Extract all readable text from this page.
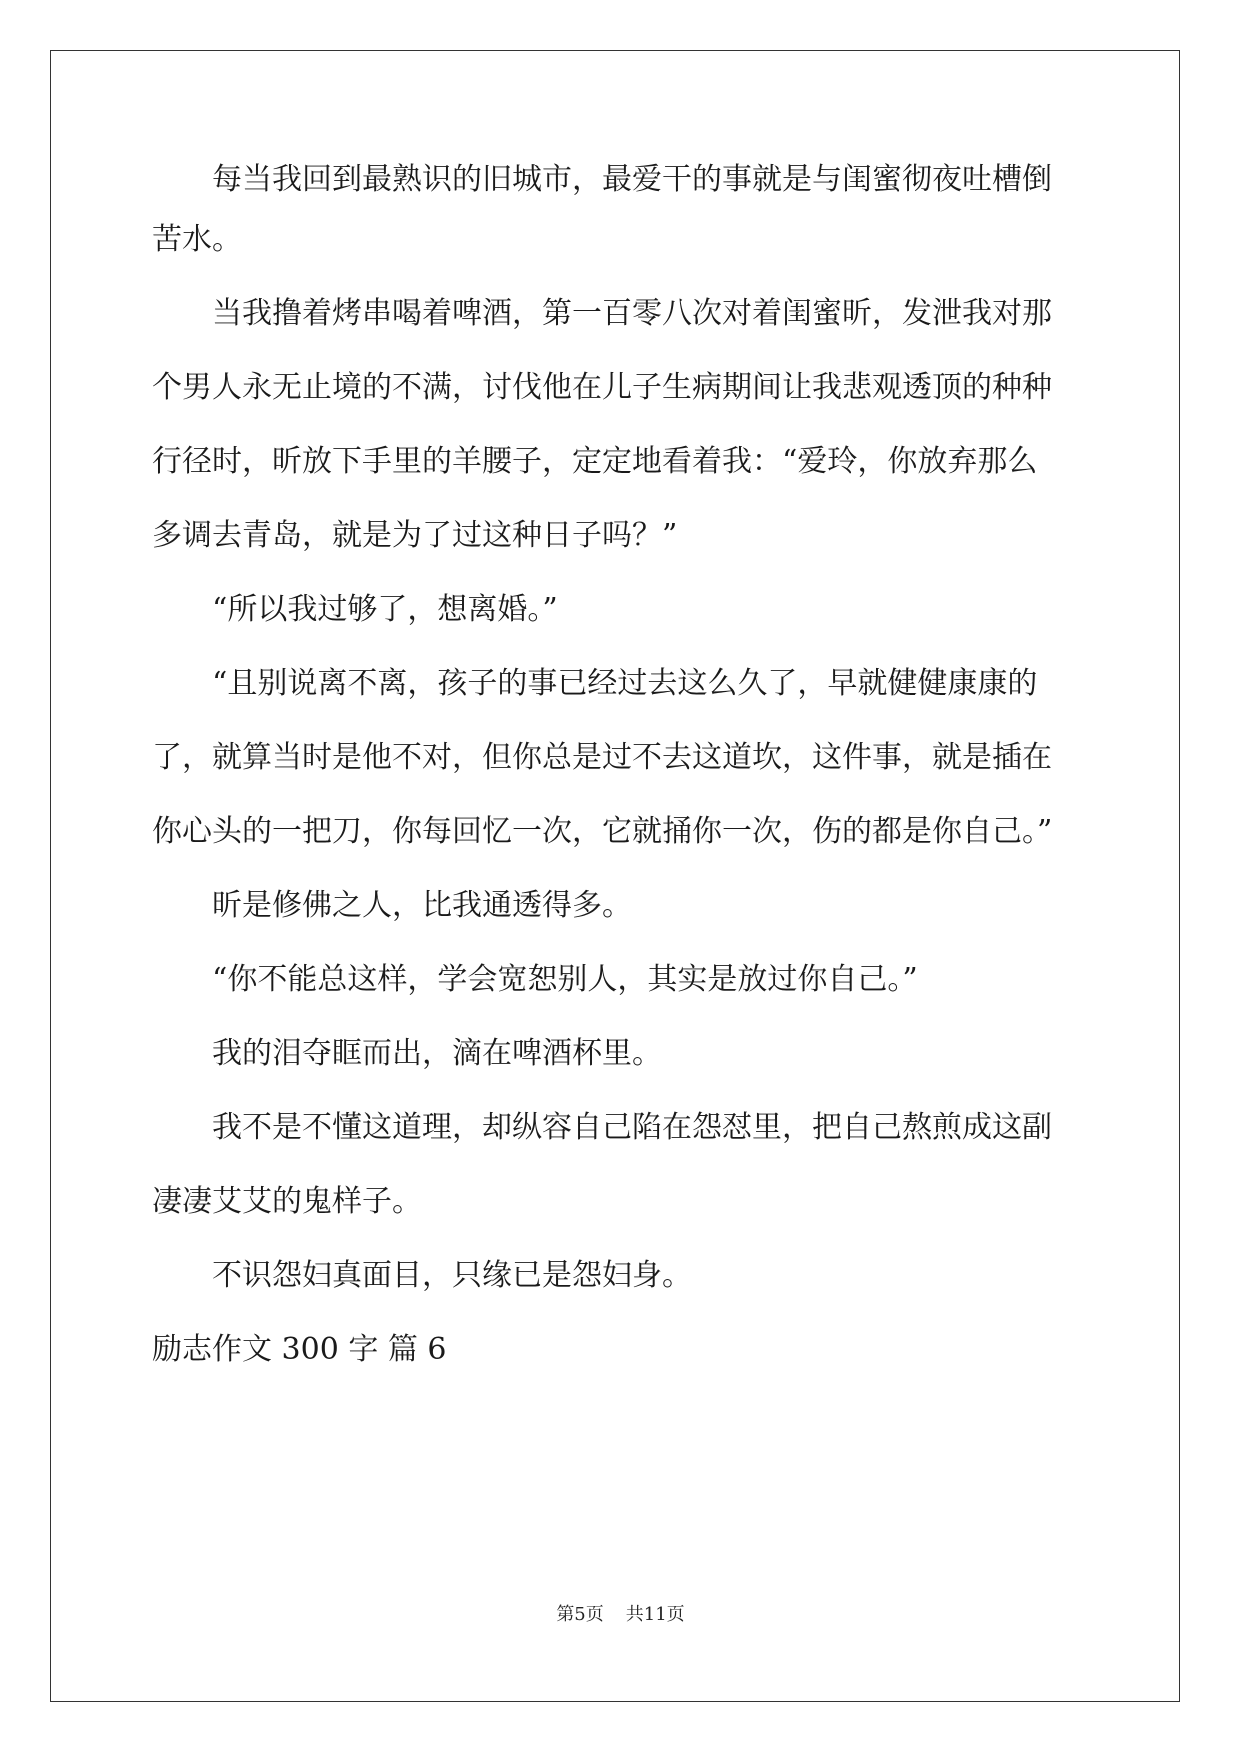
　　每当我回到最熟识的旧城市，最爱干的事就是与闺蜜彻夜吐槽倒
苦水。
　　当我撸着烤串喝着啤酒，第一百零八次对着闺蜜昕，发泄我对那
个男人永无止境的不满，讨伐他在儿子生病期间让我悲观透顶的种种
行径时，昕放下手里的羊腰子，定定地看着我：“爱玲，你放弃那么
多调去青岛，就是为了过这种日子吗？”
　　“所以我过够了，想离婚。”
　　“且别说离不离，孩子的事已经过去这么久了，早就健健康康的
了，就算当时是他不对，但你总是过不去这道坎，这件事，就是插在
你心头的一把刀，你每回忆一次，它就捅你一次，伤的都是你自己。”
　　昕是修佛之人，比我通透得多。
　　“你不能总这样，学会宽恕别人，其实是放过你自己。”
　　我的泪夺眶而出，滴在啤酒杯里。
　　我不是不懂这道理，却纵容自己陷在怨怼里，把自己熬煎成这副
凄凄艾艾的鬼样子。
　　不识怨妇真面目，只缘已是怨妇身。
励志作文 300 字 篇 6
第5页 共11页
